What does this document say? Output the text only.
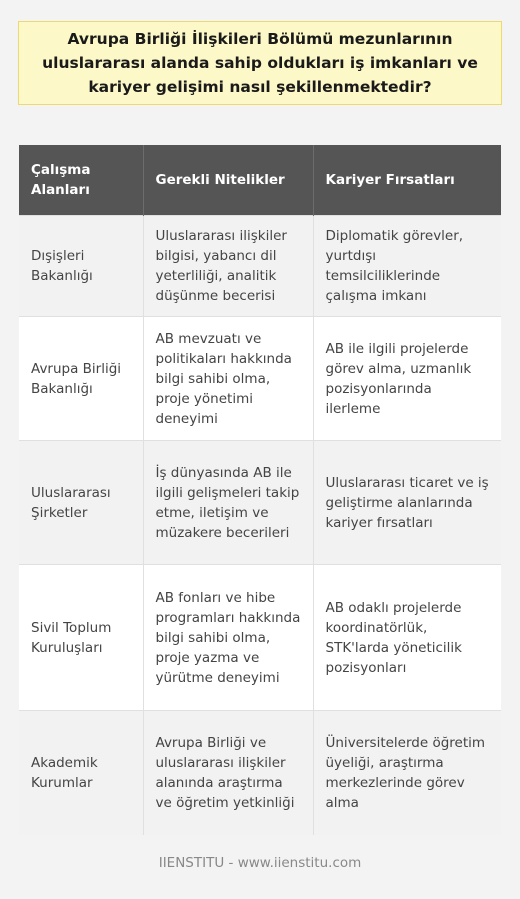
Avrupa Birliği İlişkileri Bölümü mezunlarının uluslararası alanda sahip oldukları iş imkanları ve kariyer gelişimi nasıl şekillenmektedir?
Çalışma Alanları	Gerekli Nitelikler	Kariyer Fırsatları
Dışişleri Bakanlığı	Uluslararası ilişkiler bilgisi, yabancı dil yeterliliği, analitik düşünme becerisi	Diplomatik görevler, yurtdışı temsilciliklerinde çalışma imkanı
Avrupa Birliği Bakanlığı	AB mevzuatı ve politikaları hakkında bilgi sahibi olma, proje yönetimi deneyimi	AB ile ilgili projelerde görev alma, uzmanlık pozisyonlarında ilerleme
Uluslararası Şirketler	İş dünyasında AB ile ilgili gelişmeleri takip etme, iletişim ve müzakere becerileri	Uluslararası ticaret ve iş geliştirme alanlarında kariyer fırsatları
Sivil Toplum Kuruluşları	AB fonları ve hibe programları hakkında bilgi sahibi olma, proje yazma ve yürütme deneyimi	AB odaklı projelerde koordinatörlük, STK'larda yöneticilik pozisyonları
Akademik Kurumlar	Avrupa Birliği ve uluslararası ilişkiler alanında araştırma ve öğretim yetkinliği	Üniversitelerde öğretim üyeliği, araştırma merkezlerinde görev alma
IIENSTITU - www.iienstitu.com
